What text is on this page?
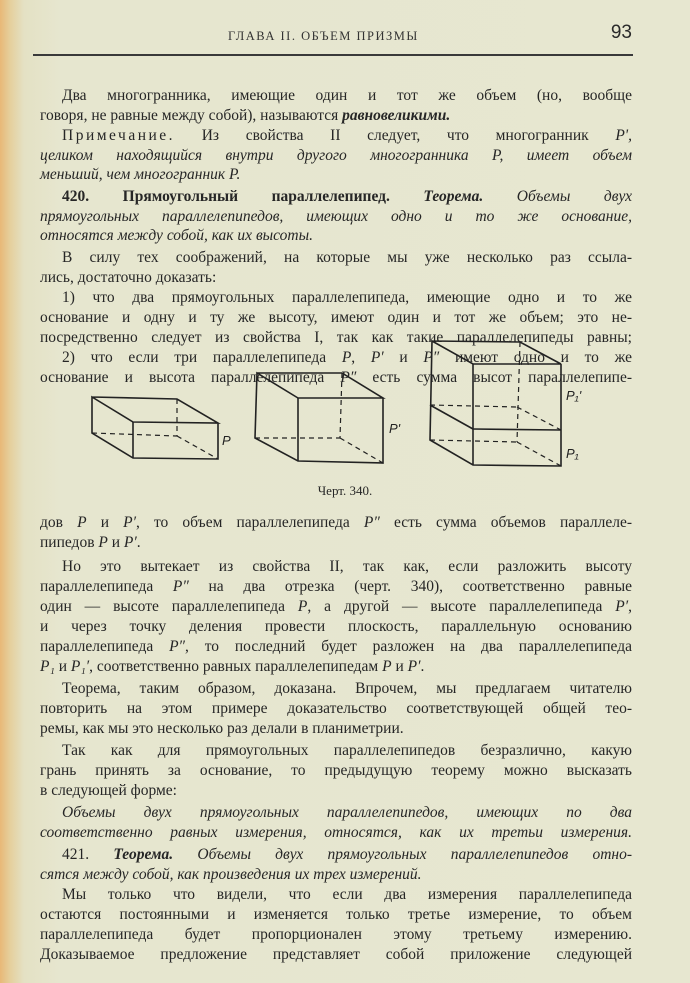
ГЛАВА II. ОБЪЕМ ПРИЗМЫ	93
Два многогранника, имеющие один и тот же объем (но, вообще
говоря, не равные между собой), называются равновеликими.
Примечание. Из свойства II следует, что многогранник P',
целиком находящийся внутри другого многогранника P, имеет объем
меньший, чем многогранник P.
420. Прямоугольный параллелепипед. Теорема. Объемы двух
прямоугольных параллелепипедов, имеющих одно и то же основание,
относятся между собой, как их высоты.
В силу тех соображений, на которые мы уже несколько раз ссыла-
лись, достаточно доказать:
1) что два прямоугольных параллелепипеда, имеющие одно и то же
основание и одну и ту же высоту, имеют один и тот же объем; это не-
посредственно следует из свойства I, так как такие параллелепипеды равны;
2) что если три параллелепипеда P, P′ и P″ имеют одно и то же
основание и высота параллелепипеда P″ есть сумма высот параллелепипе-
дов P и P′, то объем параллелепипеда P″ есть сумма объемов параллеле-
пипедов P и P′.
Но это вытекает из свойства II, так как, если разложить высоту
параллелепипеда P″ на два отрезка (черт. 340), соответственно равные
один — высоте параллелепипеда P, а другой — высоте параллелепипеда P′,
и через точку деления провести плоскость, параллельную основанию
параллелепипеда P″, то последний будет разложен на два параллелепипеда
P₁ и P₁′, соответственно равных параллелепипедам P и P′.
Теорема, таким образом, доказана. Впрочем, мы предлагаем читателю
повторить на этом примере доказательство соответствующей общей тео-
ремы, как мы это несколько раз делали в планиметрии.
Так как для прямоугольных параллелепипедов безразлично, какую
грань принять за основание, то предыдущую теорему можно высказать
в следующей форме:
Объемы двух прямоугольных параллелепипедов, имеющих по два
соответственно равных измерения, относятся, как их третьи измерения.
421. Теорема. Объемы двух прямоугольных параллелепипедов отно-
сятся между собой, как произведения их трех измерений.
Мы только что видели, что если два измерения параллелепипеда
остаются постоянными и изменяется только третье измерение, то объем
параллелепипеда будет пропорционален этому третьему измерению.
Доказываемое предложение представляет собой приложение следующей
P
P'
P₁'
P₁
Черт. 340.
